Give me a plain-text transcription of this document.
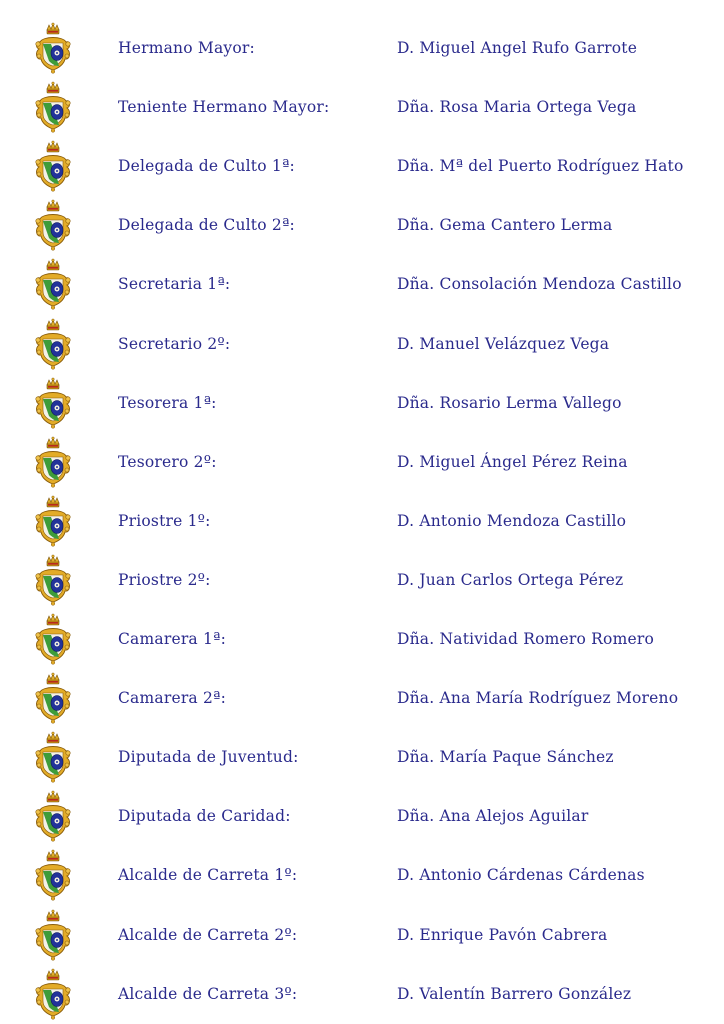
Hermano Mayor:	D. Miguel Angel Rufo Garrote
Teniente Hermano Mayor:	Dña. Rosa Maria Ortega Vega
Delegada de Culto 1ª:	Dña. Mª del Puerto Rodríguez Hato
Delegada de Culto 2ª:	Dña. Gema Cantero Lerma
Secretaria 1ª:	Dña. Consolación Mendoza Castillo
Secretario 2º:	D. Manuel Velázquez Vega
Tesorera 1ª:	Dña. Rosario Lerma Vallego
Tesorero 2º:	D. Miguel Ángel Pérez Reina
Priostre 1º:	D. Antonio Mendoza Castillo
Priostre 2º:	D. Juan Carlos Ortega Pérez
Camarera 1ª:	Dña. Natividad Romero Romero
Camarera 2ª:	Dña. Ana María Rodríguez Moreno
Diputada de Juventud:	Dña. María Paque Sánchez
Diputada de Caridad:	Dña. Ana Alejos Aguilar
Alcalde de Carreta 1º:	D. Antonio Cárdenas Cárdenas
Alcalde de Carreta 2º:	D. Enrique Pavón Cabrera
Alcalde de Carreta 3º:	D. Valentín Barrero González
